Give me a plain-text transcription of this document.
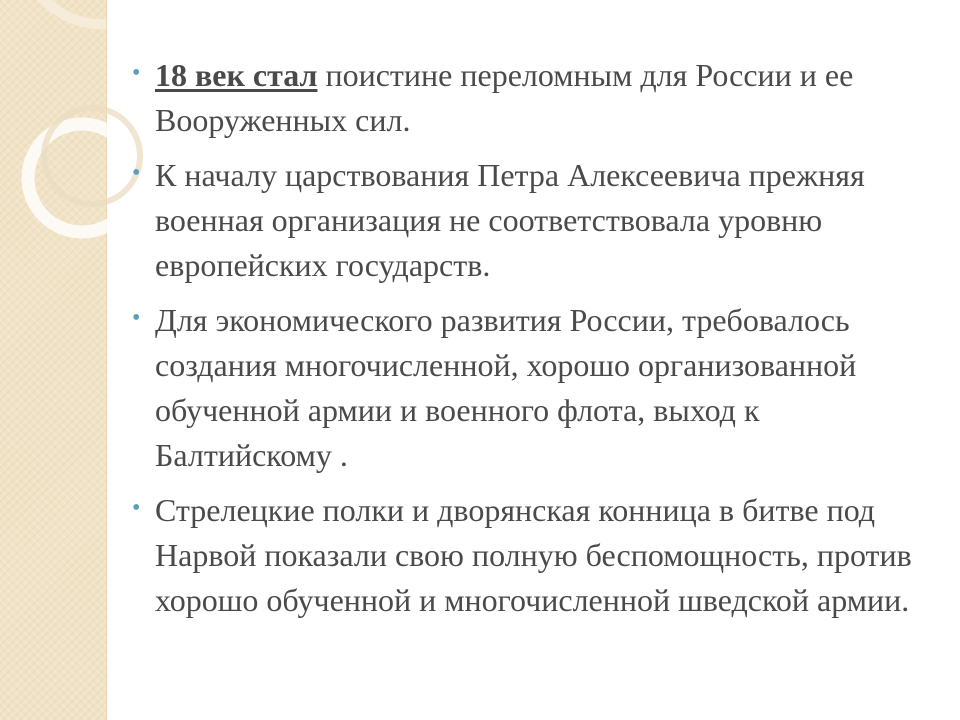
• 18 век стал поистине переломным для России и ее Вооруженных сил.
• К началу царствования Петра Алексеевича прежняя военная организация не соответствовала уровню европейских государств.
• Для экономического развития России, требовалось создания многочисленной, хорошо организованной обученной армии и военного флота, выход к Балтийскому .
• Стрелецкие полки и дворянская конница в битве под Нарвой показали свою полную беспомощность, против хорошо обученной и многочисленной шведской армии.
